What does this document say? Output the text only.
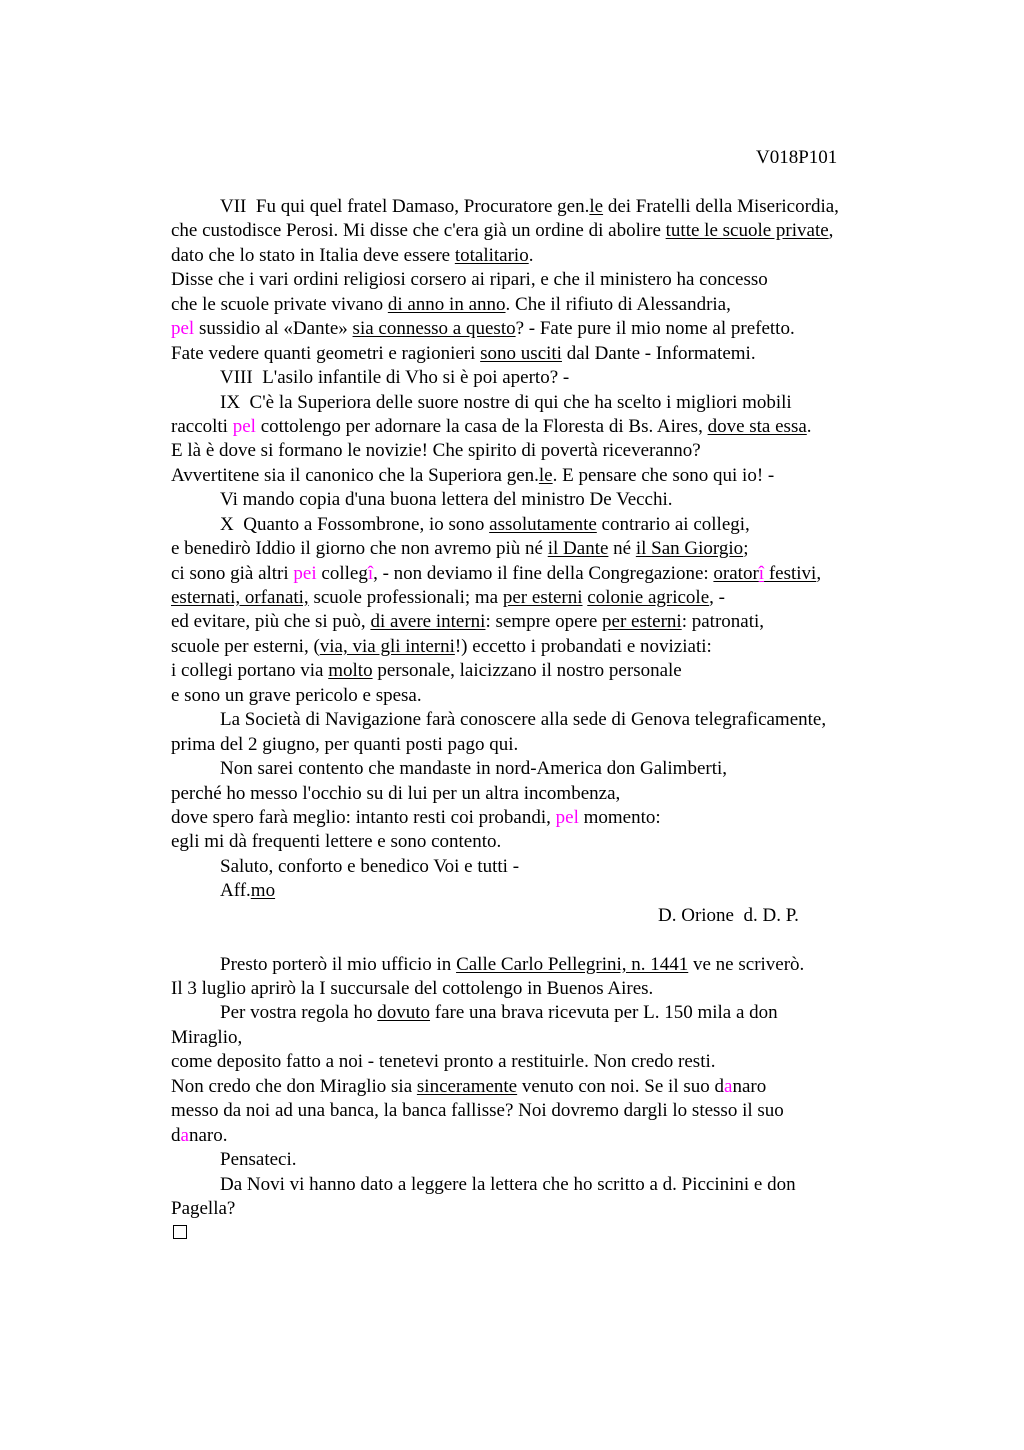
V018P101
VII  Fu qui quel fratel Damaso, Procuratore gen.le dei Fratelli della Misericordia,
che custodisce Perosi. Mi disse che c'era già un ordine di abolire tutte le scuole private,
dato che lo stato in Italia deve essere totalitario.
Disse che i vari ordini religiosi corsero ai ripari, e che il ministero ha concesso
che le scuole private vivano di anno in anno. Che il rifiuto di Alessandria,
pel sussidio al «Dante» sia connesso a questo? - Fate pure il mio nome al prefetto.
Fate vedere quanti geometri e ragionieri sono usciti dal Dante - Informatemi.
VIII  L'asilo infantile di Vho si è poi aperto? -
IX  C'è la Superiora delle suore nostre di qui che ha scelto i migliori mobili
raccolti pel cottolengo per adornare la casa de la Floresta di Bs. Aires, dove sta essa.
E là è dove si formano le novizie! Che spirito di povertà riceveranno?
Avvertitene sia il canonico che la Superiora gen.le. E pensare che sono qui io! -
Vi mando copia d'una buona lettera del ministro De Vecchi.
X  Quanto a Fossombrone, io sono assolutamente contrario ai collegi,
e benedirò Iddio il giorno che non avremo più né il Dante né il San Giorgio;
ci sono già altri pei collegî, - non deviamo il fine della Congregazione: oratorî festivi,
esternati, orfanati, scuole professionali; ma per esterni colonie agricole, -
ed evitare, più che si può, di avere interni: sempre opere per esterni: patronati,
scuole per esterni, (via, via gli interni!) eccetto i probandati e noviziati:
i collegi portano via molto personale, laicizzano il nostro personale
e sono un grave pericolo e spesa.
La Società di Navigazione farà conoscere alla sede di Genova telegraficamente,
prima del 2 giugno, per quanti posti pago qui.
Non sarei contento che mandaste in nord-America don Galimberti,
perché ho messo l'occhio su di lui per un altra incombenza,
dove spero farà meglio: intanto resti coi probandi, pel momento:
egli mi dà frequenti lettere e sono contento.
Saluto, conforto e benedico Voi e tutti -
Aff.mo
D. Orione  d. D. P.
Presto porterò il mio ufficio in Calle Carlo Pellegrini, n. 1441 ve ne scriverò.
Il 3 luglio aprirò la I succursale del cottolengo in Buenos Aires.
Per vostra regola ho dovuto fare una brava ricevuta per L. 150 mila a don
Miraglio,
come deposito fatto a noi - tenetevi pronto a restituirle. Non credo resti.
Non credo che don Miraglio sia sinceramente venuto con noi. Se il suo danaro
messo da noi ad una banca, la banca fallisse? Noi dovremo dargli lo stesso il suo
danaro.
Pensateci.
Da Novi vi hanno dato a leggere la lettera che ho scritto a d. Piccinini e don
Pagella?
